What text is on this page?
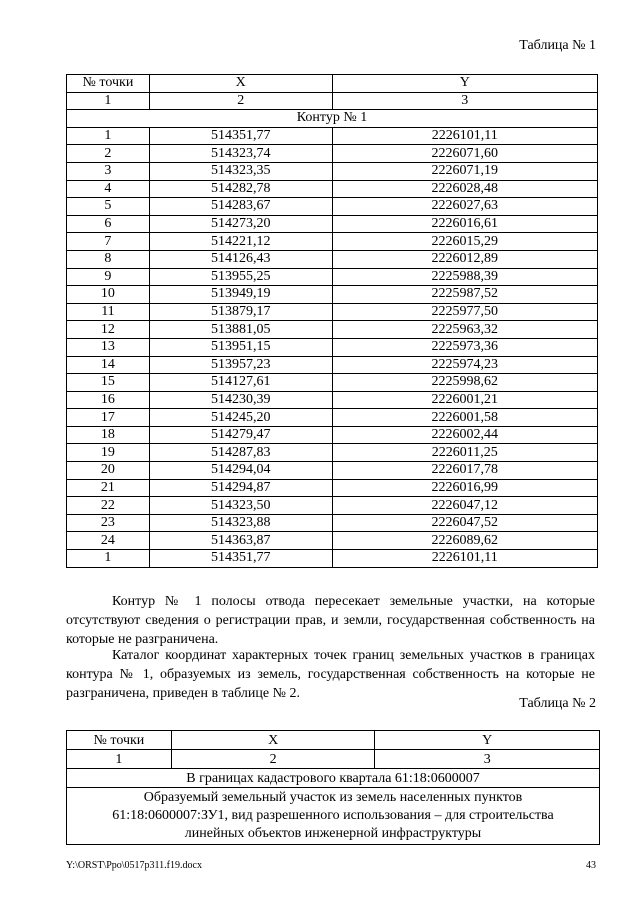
Таблица № 1
№ точки	X	Y
1	2	3
Контур № 1		
1	514351,77	2226101,11
2	514323,74	2226071,60
3	514323,35	2226071,19
4	514282,78	2226028,48
5	514283,67	2226027,63
6	514273,20	2226016,61
7	514221,12	2226015,29
8	514126,43	2226012,89
9	513955,25	2225988,39
10	513949,19	2225987,52
11	513879,17	2225977,50
12	513881,05	2225963,32
13	513951,15	2225973,36
14	513957,23	2225974,23
15	514127,61	2225998,62
16	514230,39	2226001,21
17	514245,20	2226001,58
18	514279,47	2226002,44
19	514287,83	2226011,25
20	514294,04	2226017,78
21	514294,87	2226016,99
22	514323,50	2226047,12
23	514323,88	2226047,52
24	514363,87	2226089,62
1	514351,77	2226101,11

Контур № 1 полосы отвода пересекает земельные участки, на которые отсутствуют сведения о регистрации прав, и земли, государственная собственность на которые не разграничена.

Каталог координат характерных точек границ земельных участков в границах контура № 1, образуемых из земель, государственная собственность на которые не разграничена, приведен в таблице № 2.

Таблица № 2
№ точки	X	Y
1	2	3
В границах кадастрового квартала 61:18:0600007		
Образуемый земельный участок из земель населенных пунктов 61:18:0600007:ЗУ1, вид разрешенного использования – для строительства линейных объектов инженерной инфраструктуры		
Y:\ORST\Ppo\0517p311.f19.docx	43
